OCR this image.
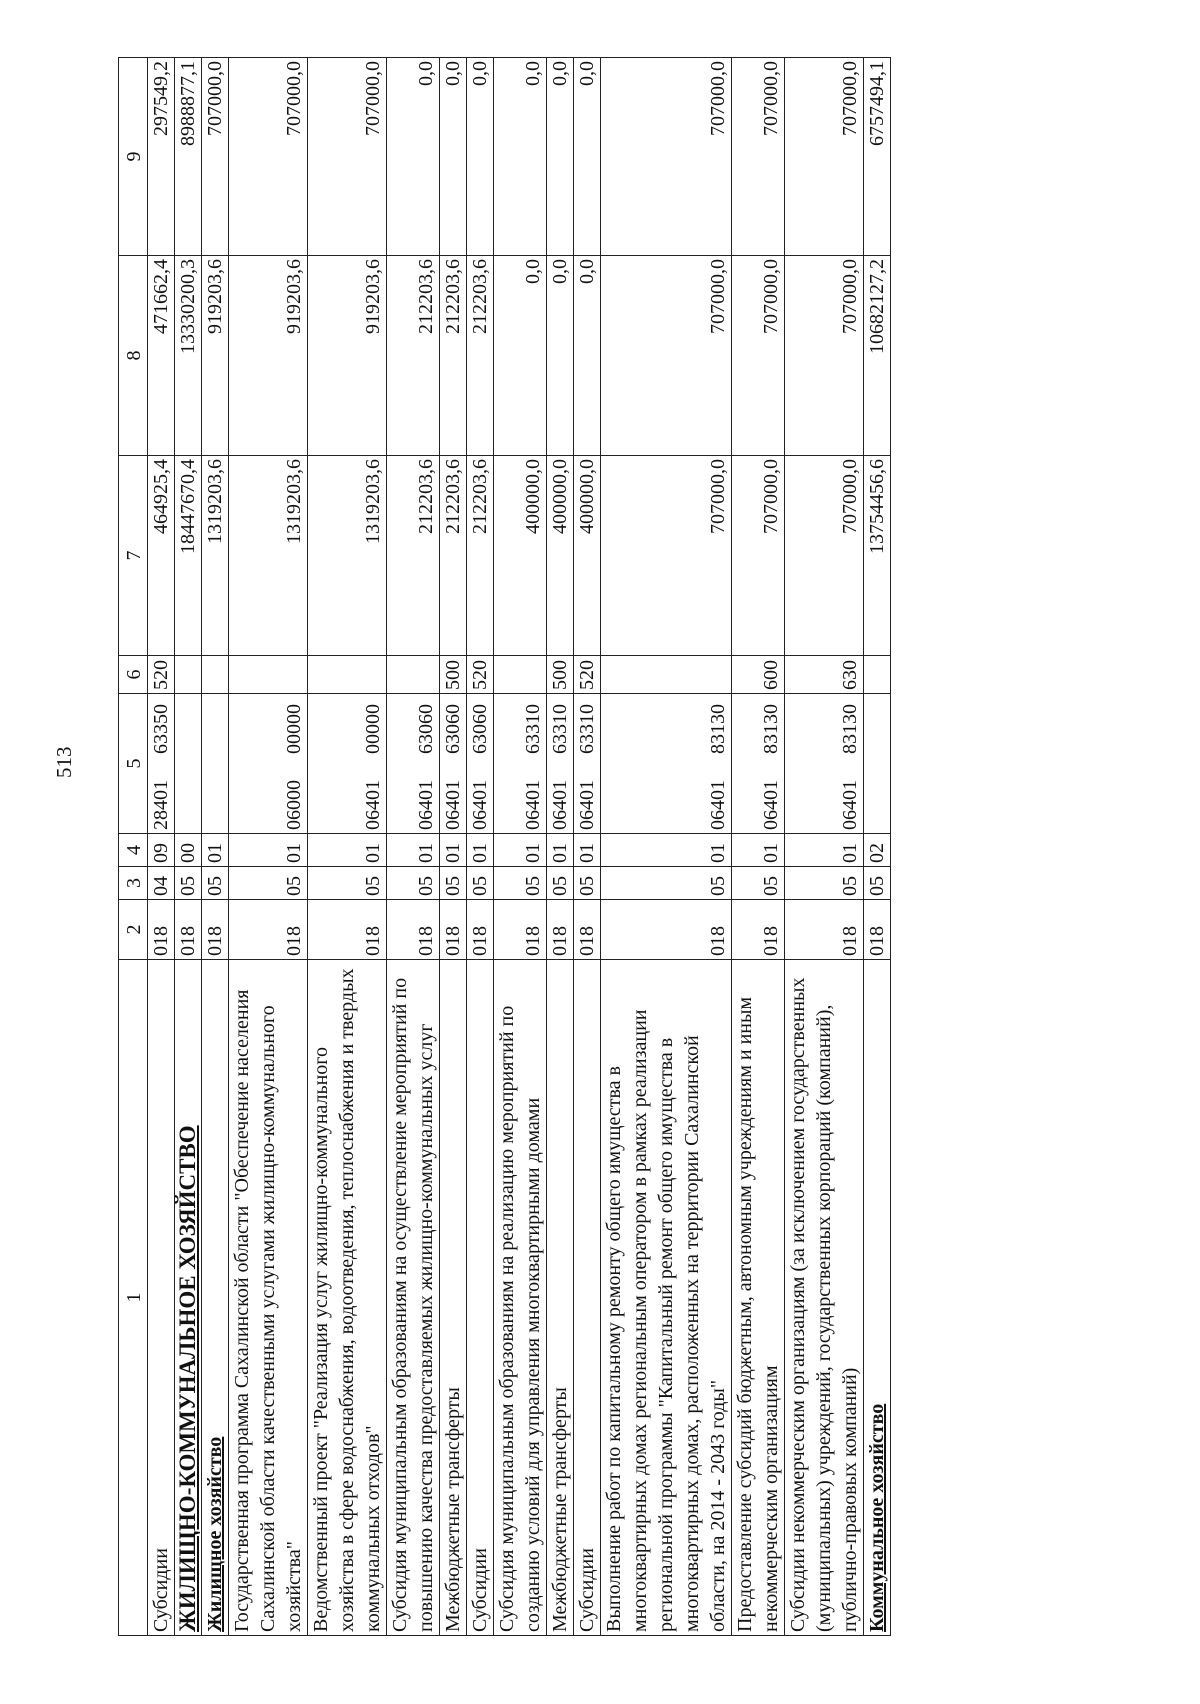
513
1	2	3	4	5	6	7	8	9
Субсидии	018	04	09	2840163350	520	464925,4	471662,4	297549,2
ЖИЛИЩНО-КОММУНАЛЬНОЕ ХОЗЯЙСТВО	018	05	00			18447670,4	13330200,3	8988877,1
Жилищное хозяйство	018	05	01			1319203,6	919203,6	707000,0
Государственная программа Сахалинской области "Обеспечение населения Сахалинской области качественными услугами жилищно-коммунального хозяйства"	018	05	01	0600000000		1319203,6	919203,6	707000,0
Ведомственный проект "Реализация услуг жилищно-коммунального хозяйства в сфере водоснабжения, водоотведения, теплоснабжения и твердых коммунальных отходов"	018	05	01	0640100000		1319203,6	919203,6	707000,0
Субсидия муниципальным образованиям на осуществление мероприятий по повышению качества предоставляемых жилищно-коммунальных услуг	018	05	01	0640163060		212203,6	212203,6	0,0
Межбюджетные трансферты	018	05	01	0640163060	500	212203,6	212203,6	0,0
Субсидии	018	05	01	0640163060	520	212203,6	212203,6	0,0
Субсидия муниципальным образованиям на реализацию мероприятий по созданию условий для управления многоквартирными домами	018	05	01	0640163310		400000,0	0,0	0,0
Межбюджетные трансферты	018	05	01	0640163310	500	400000,0	0,0	0,0
Субсидии	018	05	01	0640163310	520	400000,0	0,0	0,0
Выполнение работ по капитальному ремонту общего имущества в многоквартирных домах региональным оператором в рамках реализации региональной программы "Капитальный ремонт общего имущества в многоквартирных домах, расположенных на территории Сахалинской области, на 2014 - 2043 годы"	018	05	01	0640183130		707000,0	707000,0	707000,0
Предоставление субсидий бюджетным, автономным учреждениям и иным некоммерческим организациям	018	05	01	0640183130	600	707000,0	707000,0	707000,0
Субсидии некоммерческим организациям (за исключением государственных (муниципальных) учреждений, государственных корпораций (компаний), публично-правовых компаний)	018	05	01	0640183130	630	707000,0	707000,0	707000,0
Коммунальное хозяйство	018	05	02			13754456,6	10682127,2	6757494,1
